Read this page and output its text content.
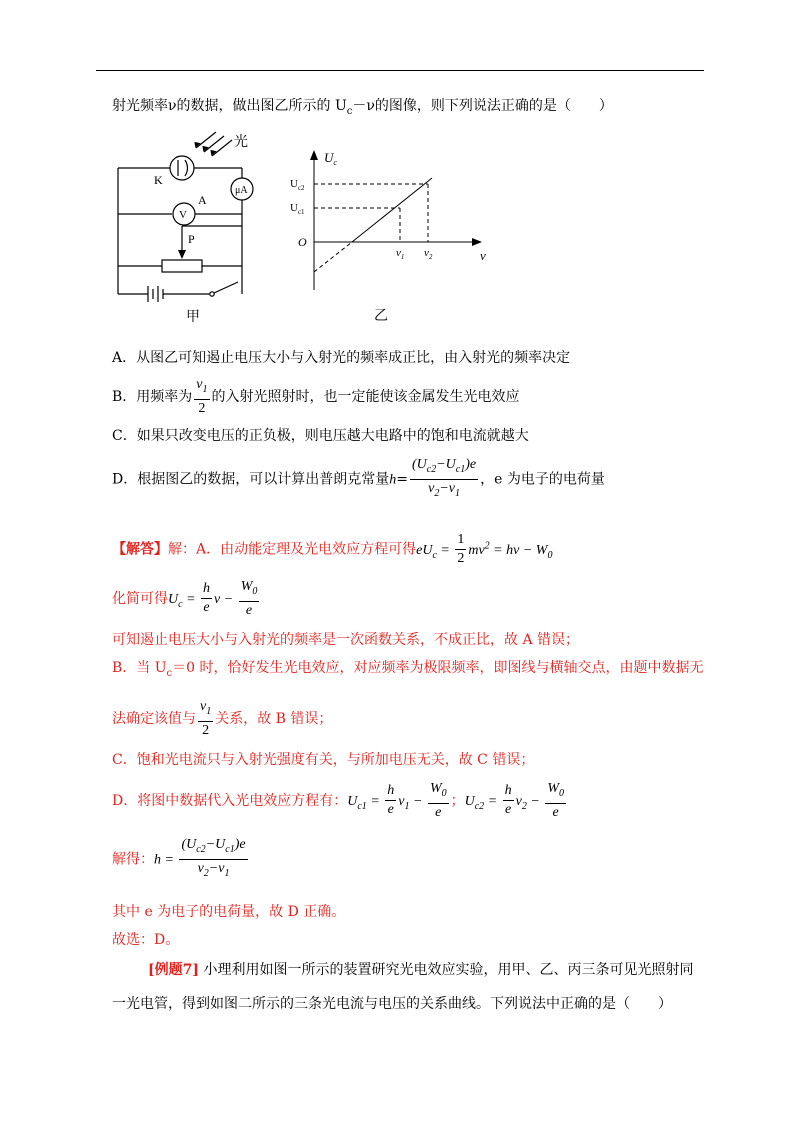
射光频率ν的数据，做出图乙所示的 $U_c-\nu$的图像，则下列说法正确的是（　　）
光
K
μA
V
A
P
甲
$U_c$
ν
O
$U_{c2}$
$U_{c1}$
$\nu_1$ $\nu_2$
乙
A．从图乙可知遏止电压大小与入射光的频率成正比，由入射光的频率决定
B．用频率为 $\frac{\nu_1}{2}$ 的入射光照射时，也一定能使该金属发生光电效应
C．如果只改变电压的正负极，则电压越大电路中的饱和电流就越大
D．根据图乙的数据，可以计算出普朗克常量$h= \frac{(U_{c2}-U_{c1})e}{\nu_2-\nu_1}$ ，e 为电子的电荷量
【解答】解：A．由动能定理及光电效应方程可得$eU_c = \frac{1}{2} m\nu^2 = h\nu - W_0$
化简可得$U_c = \frac{h}{e}$ $\nu - \frac{W_0}{e}$
可知遏止电压大小与入射光的频率是一次函数关系，不成正比，故 A 错误；
B．当 $U_c=0$ 时，恰好发生光电效应，对应频率为极限频率，即图线与横轴交点，由题中数据无
法确定该值与 $\frac{\nu_1}{2}$ 关系，故 B 错误；
C．饱和光电流只与入射光强度有关，与所加电压无关，故 C 错误；
D．将图中数据代入光电效应方程有：$U_{c1} = \frac{h}{e} \nu_1 - \frac{W_0}{e}$ ；$U_{c2} = \frac{h}{e} \nu_2 - \frac{W_0}{e}$
解得：$h = \frac{(U_{c2}-U_{c1})e}{\nu_2-\nu_1}$
其中 e 为电子的电荷量，故 D 正确。
故选：D。
[例题7] 小理利用如图一所示的装置研究光电效应实验，用甲、乙、丙三条可见光照射同
一光电管，得到如图二所示的三条光电流与电压的关系曲线。下列说法中正确的是（　　）
